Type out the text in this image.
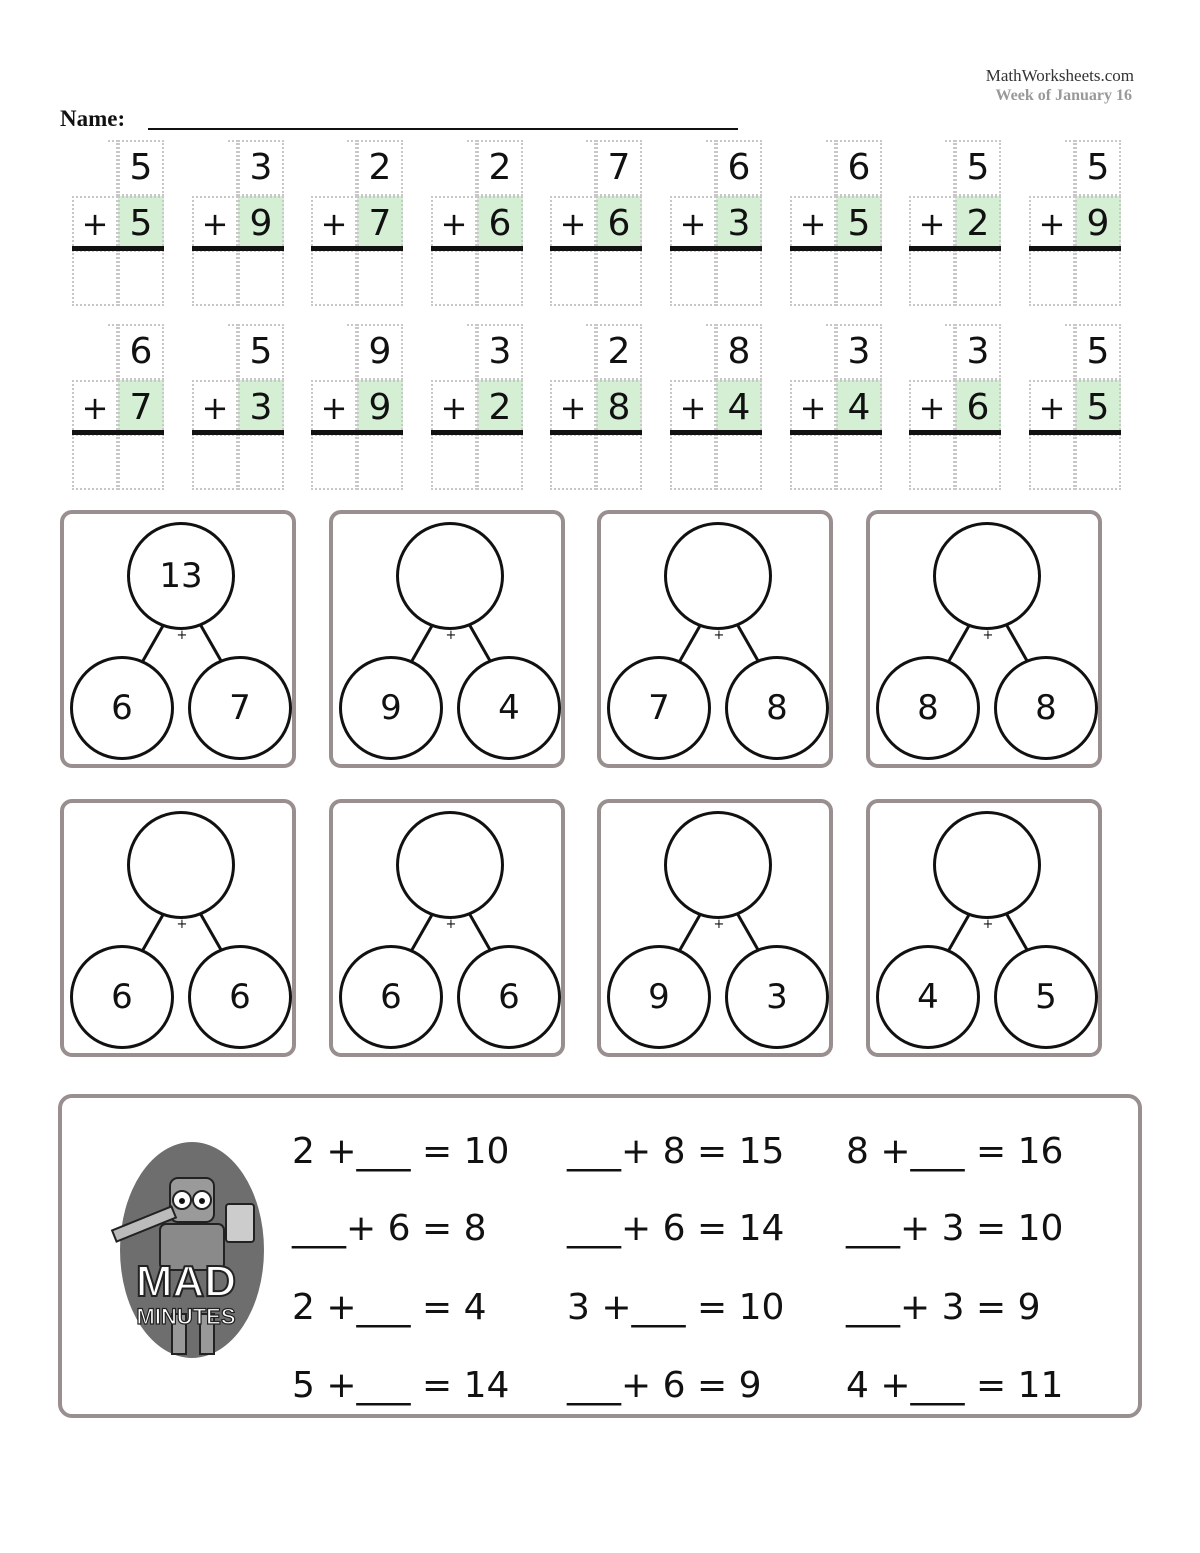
MathWorksheets.com
Week of January 16
Name:
5
+ 5
3
+ 9
2
+ 7
2
+ 6
7
+ 6
6
+ 3
6
+ 5
5
+ 2
5
+ 9
6
+ 7
5
+ 3
9
+ 9
3
+ 2
2
+ 8
8
+ 4
3
+ 4
3
+ 6
5
+ 5
13
+
6	7
+
9	4
+
7	8
+
8	8
+
6	6
+
6	6
+
9	3
+
4	5
MAD
MINUTES
2 +___ = 10 ___+ 8 = 15 8 +___ = 16
___+ 6 = 8 ___+ 6 = 14 ___+ 3 = 10
2 +___ = 4 3 +___ = 10 ___+ 3 = 9
5 +___ = 14 ___+ 6 = 9 4 +___ = 11
